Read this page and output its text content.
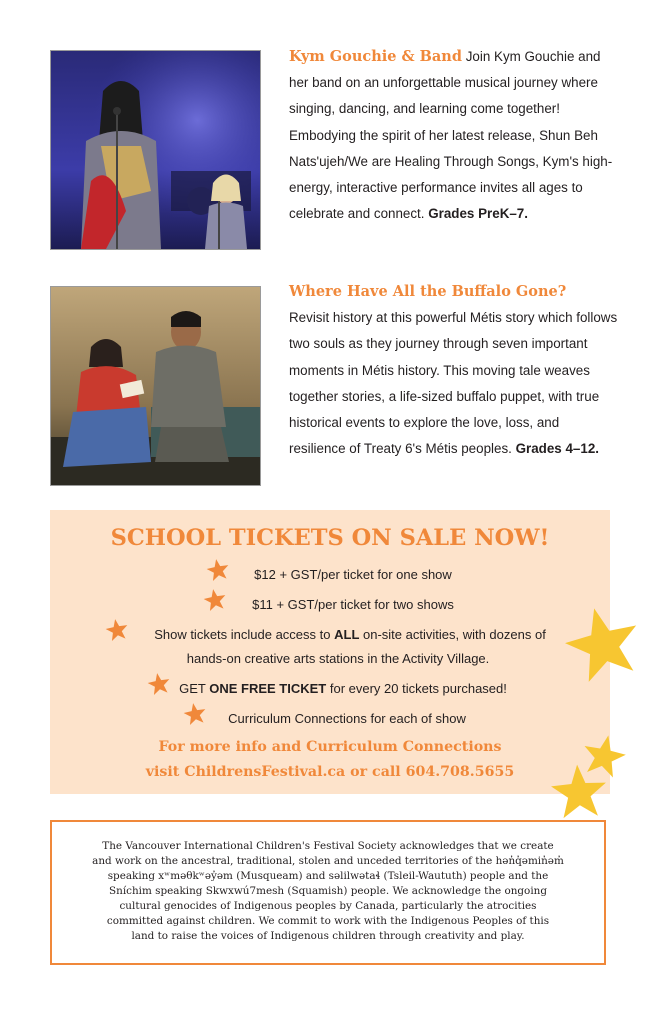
Kym Gouchie & Band Join Kym Gouchie and her band on an unforgettable musical journey where singing, dancing, and learning come together! Embodying the spirit of her latest release, Shun Beh Nats'ujeh/We are Healing Through Songs, Kym's high-energy, interactive performance invites all ages to celebrate and connect. Grades PreK–7.
Where Have All the Buffalo Gone?
Revisit history at this powerful Métis story which follows two souls as they journey through seven important moments in Métis history. This moving tale weaves together stories, a life-sized buffalo puppet, with true historical events to explore the love, loss, and resilience of Treaty 6's Métis peoples. Grades 4–12.
SCHOOL TICKETS ON SALE NOW!
$12 + GST/per ticket for one show
$11 + GST/per ticket for two shows
Show tickets include access to ALL on-site activities, with dozens of
hands-on creative arts stations in the Activity Village.
GET ONE FREE TICKET for every 20 tickets purchased!
Curriculum Connections for each of show
For more info and Curriculum Connections
visit ChildrensFestival.ca or call 604.708.5655
The Vancouver International Children's Festival Society acknowledges that we create
and work on the ancestral, traditional, stolen and unceded territories of the hən̓q̓əmin̓əm̓
speaking xʷməθkʷəy̓əm (Musqueam) and səlilwətaɬ (Tsleil-Waututh) people and the
Sníchim speaking Skwxwú7mesh (Squamish) people. We acknowledge the ongoing
cultural genocides of Indigenous peoples by Canada, particularly the atrocities
committed against children. We commit to work with the Indigenous Peoples of this
land to raise the voices of Indigenous children through creativity and play.
